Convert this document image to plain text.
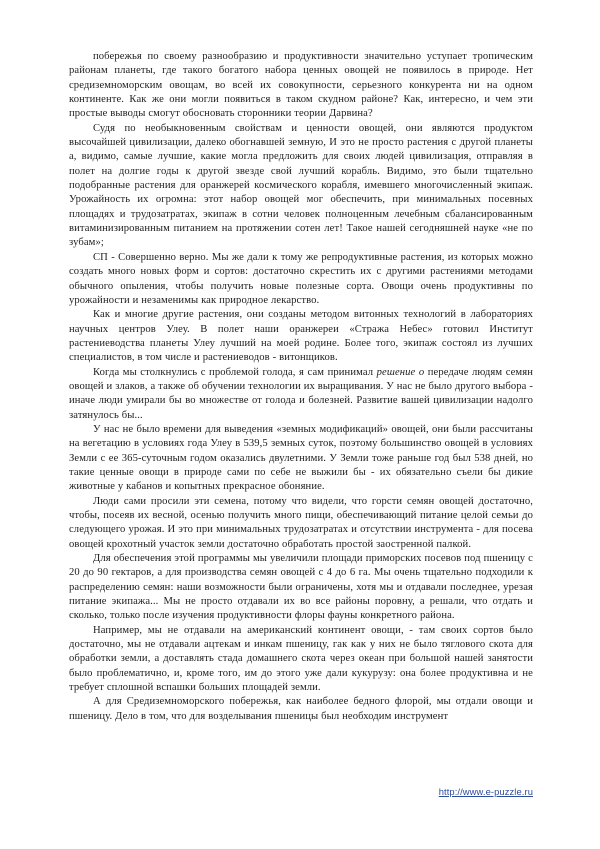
побережья по своему разнообразию и продуктивности значительно уступает тропическим районам планеты, где такого богатого набора ценных овощей не появилось в природе. Нет средиземноморским овощам, во всей их совокупности, серьезного конкурента ни на одном континенте. Как же они могли появиться в таком скудном районе? Как, интересно, и чем эти простые выводы смогут обосновать сторонники теории Дарвина?

Судя по необыкновенным свойствам и ценности овощей, они являются продуктом высочайшей цивилизации, далеко обогнавшей земную, И это не просто растения с другой планеты а, видимо, самые лучшие, какие могла предложить для своих людей цивилизация, отправляя в полет на долгие годы к другой звезде свой лучший корабль. Видимо, это были тщательно подобранные растения для оранжерей космического корабля, имевшего многочисленный экипаж. Урожайность их огромна: этот набор овощей мог обеспечить, при минимальных посевных площадях и трудозатратах, экипаж в сотни человек полноценным лечебным сбалансированным витаминизированным питанием на протяжении сотен лет! Такое нашей сегодняшней науке «не по зубам»;

СП - Совершенно верно. Мы же дали к тому же репродуктивные растения, из которых можно создать много новых форм и сортов: достаточно скрестить их с другими растениями методами обычного опыления, чтобы получить новые полезные сорта. Овощи очень продуктивны по урожайности и незаменимы как природное лекарство.

Как и многие другие растения, они созданы методом витонных технологий в лабораториях научных центров Улеу. В полет наши оранжереи «Стража Небес» готовил Институт растениеводства планеты Улеу лучший на моей родине. Более того, экипаж состоял из лучших специалистов, в том числе и растениеводов - витонщиков.

Когда мы столкнулись с проблемой голода, я сам принимал решение о передаче людям семян овощей и злаков, а также об обучении технологии их выращивания. У нас не было другого выбора - иначе люди умирали бы во множестве от голода и болезней. Развитие вашей цивилизации надолго затянулось бы...

У нас не было времени для выведения «земных модификаций» овощей, они были рассчитаны на вегетацию в условиях года Улеу в 539,5 земных суток, поэтому большинство овощей в условиях Земли с ее 365-суточным годом оказались двулетними. У Земли тоже раньше год был 538 дней, но такие ценные овощи в природе сами по себе не выжили бы - их обязательно съели бы дикие животные у кабанов и копытных прекрасное обоняние.

Люди сами просили эти семена, потому что видели, что горсти семян овощей достаточно, чтобы, посеяв их весной, осенью получить много пищи, обеспечивающий питание целой семьи до следующего урожая. И это при минимальных трудозатратах и отсутствии инструмента - для посева овощей крохотный участок земли достаточно обработать простой заостренной палкой.

Для обеспечения этой программы мы увеличили площади приморских посевов под пшеницу с 20 до 90 гектаров, а для производства семян овощей с 4 до 6 га. Мы очень тщательно подходили к распределению семян: наши возможности были ограничены, хотя мы и отдавали последнее, урезая питание экипажа... Мы не просто отдавали их во все районы поровну, а решали, что отдать и сколько, только после изучения продуктивности флоры фауны конкретного района.

Например, мы не отдавали на американский континент овощи, - там своих сортов было достаточно, мы не отдавали ацтекам и инкам пшеницу, гак как у них не было тяглового скота для обработки земли, а доставлять стада домашнего скота через океан при большой нашей занятости было проблематично, и, кроме того, им до этого уже дали кукурузу: она более продуктивна и не требует сплошной вспашки больших площадей земли.

А для Средиземноморского побережья, как наиболее бедного флорой, мы отдали овощи и пшеницу. Дело в том, что для возделывания пшеницы был необходим инструмент

http://www.e-puzzle.ru
